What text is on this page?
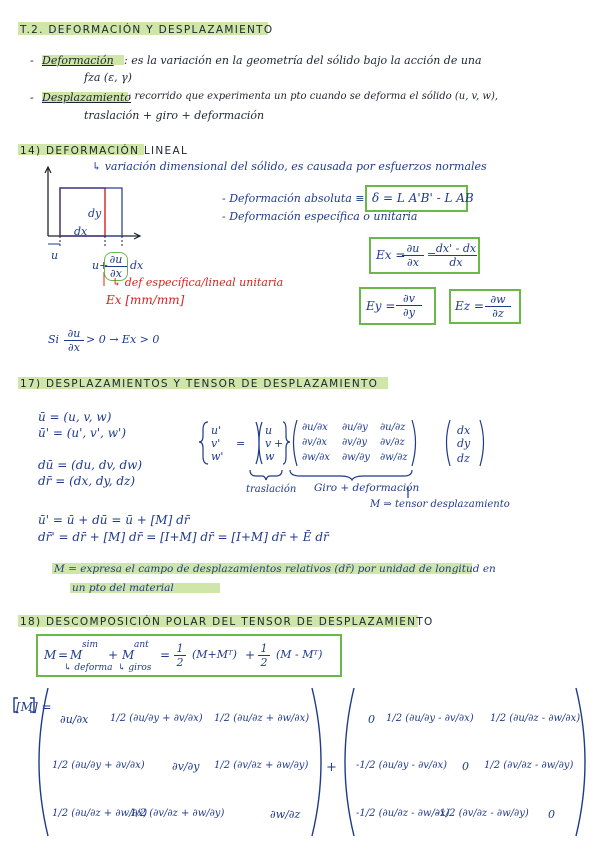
T.2. DEFORMACIÓN Y DESPLAZAMIENTO
- Deformación : es la variación en la geometría del sólido bajo la acción de una
fza (ε, γ)
- Desplazamiento
: recorrido que experimenta un pto cuando se deforma el sólido (u, v, w),
traslación + giro + deformación
14) DEFORMACIÓN LINEAL
↳ variación dimensional del sólido, es causada por esfuerzos normales
dy
dx
u
u+
$\frac{\partial u}{\partial x}$ dx
↳ def específica/lineal unitaria
Ex [mm/mm]
- Deformación absoluta ≡ δ = L A'B' - L AB
- Deformación específica o unitaria
Ex =
$\frac{\partial u}{\partial x}$ =
$\frac{dx' - dx}{dx}$
$Ey = \frac{\partial v}{\partial y}$	$Ez = \frac{\partial w}{\partial z}$
Si $\frac{\partial u}{\partial x} > 0 \to Ex > 0$
17) DESPLAZAMIENTOS Y TENSOR DE DESPLAZAMIENTO
ū = (u, v, w)
ū' = (u', v', w')
dū = (du, dv, dw)
dr̄ = (dx, dy, dz)
u'
v'
w'
=
u
v
w
+
∂u/∂x ∂u/∂y ∂u/∂z
∂v/∂x ∂v/∂y ∂v/∂z
∂w/∂x ∂w/∂y ∂w/∂z
dx
dy
dz
traslación Giro + deformación
M ⇒ tensor desplazamiento
ū' = ū + dū = ū + [M] dr̄
dr̄' = dr̄ + [M] dr̄ = [I+M] dr̄ = [I+M] dr̄ + Ē dr̄
M = expresa el campo de desplazamientos relativos (dr̄) por unidad de longitud en
un pto del material
18) DESCOMPOSICIÓN POLAR DEL TENSOR DE DESPLAZAMIENTO
M = M
sim
+ M
ant
= $\frac{1}{2}$ (M+Mᵀ) + $\frac{1}{2} (M$ - Mᵀ)
↳ deforma ↳ giros
[M] =
∂u/∂x 1/2 (∂u/∂y + ∂v/∂x) 1/2 (∂u/∂z + ∂w/∂x)
1/2 (∂u/∂y + ∂v/∂x) ∂v/∂y 1/2 (∂v/∂z + ∂w/∂y)
1/2 (∂u/∂z + ∂w/∂x)
1/2 (∂v/∂z + ∂w/∂y)	∂w/∂z
+
0 1/2 (∂u/∂y - ∂v/∂x) 1/2 (∂u/∂z - ∂w/∂x)
-1/2 (∂u/∂y - ∂v/∂x) 0 1/2 (∂v/∂z - ∂w/∂y)
-1/2 (∂u/∂z - ∂w/∂x)
-1/2 (∂v/∂z - ∂w/∂y) 0
